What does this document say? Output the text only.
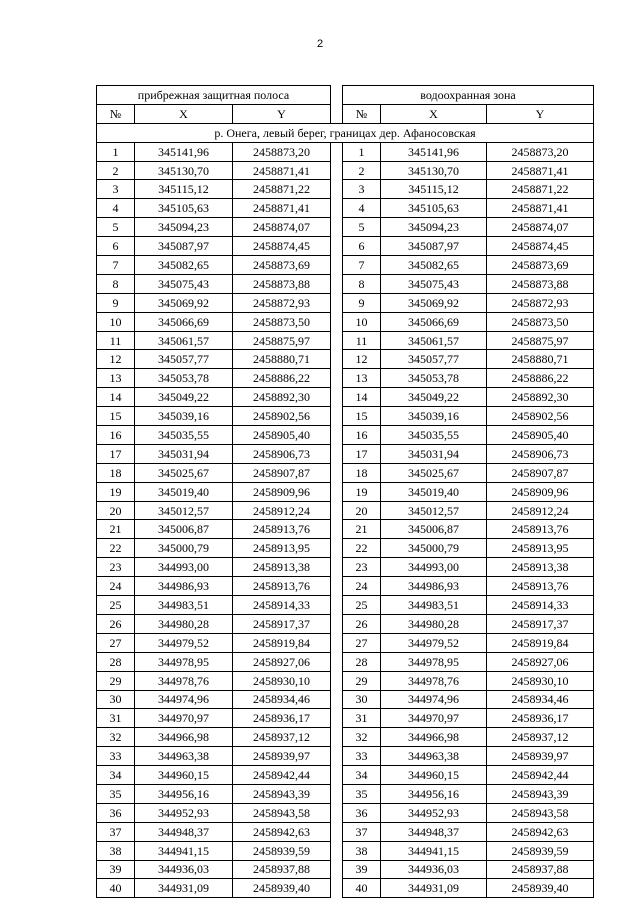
2
прибрежная защитная полоса				водоохранная зона		
№	X	Y		№	X	Y
р. Онега, левый берег, границах дер. Афаносовская						
1	345141,96	2458873,20		1	345141,96	2458873,20
2	345130,70	2458871,41		2	345130,70	2458871,41
3	345115,12	2458871,22		3	345115,12	2458871,22
4	345105,63	2458871,41		4	345105,63	2458871,41
5	345094,23	2458874,07		5	345094,23	2458874,07
6	345087,97	2458874,45		6	345087,97	2458874,45
7	345082,65	2458873,69		7	345082,65	2458873,69
8	345075,43	2458873,88		8	345075,43	2458873,88
9	345069,92	2458872,93		9	345069,92	2458872,93
10	345066,69	2458873,50		10	345066,69	2458873,50
11	345061,57	2458875,97		11	345061,57	2458875,97
12	345057,77	2458880,71		12	345057,77	2458880,71
13	345053,78	2458886,22		13	345053,78	2458886,22
14	345049,22	2458892,30		14	345049,22	2458892,30
15	345039,16	2458902,56		15	345039,16	2458902,56
16	345035,55	2458905,40		16	345035,55	2458905,40
17	345031,94	2458906,73		17	345031,94	2458906,73
18	345025,67	2458907,87		18	345025,67	2458907,87
19	345019,40	2458909,96		19	345019,40	2458909,96
20	345012,57	2458912,24		20	345012,57	2458912,24
21	345006,87	2458913,76		21	345006,87	2458913,76
22	345000,79	2458913,95		22	345000,79	2458913,95
23	344993,00	2458913,38		23	344993,00	2458913,38
24	344986,93	2458913,76		24	344986,93	2458913,76
25	344983,51	2458914,33		25	344983,51	2458914,33
26	344980,28	2458917,37		26	344980,28	2458917,37
27	344979,52	2458919,84		27	344979,52	2458919,84
28	344978,95	2458927,06		28	344978,95	2458927,06
29	344978,76	2458930,10		29	344978,76	2458930,10
30	344974,96	2458934,46		30	344974,96	2458934,46
31	344970,97	2458936,17		31	344970,97	2458936,17
32	344966,98	2458937,12		32	344966,98	2458937,12
33	344963,38	2458939,97		33	344963,38	2458939,97
34	344960,15	2458942,44		34	344960,15	2458942,44
35	344956,16	2458943,39		35	344956,16	2458943,39
36	344952,93	2458943,58		36	344952,93	2458943,58
37	344948,37	2458942,63		37	344948,37	2458942,63
38	344941,15	2458939,59		38	344941,15	2458939,59
39	344936,03	2458937,88		39	344936,03	2458937,88
40	344931,09	2458939,40		40	344931,09	2458939,40
